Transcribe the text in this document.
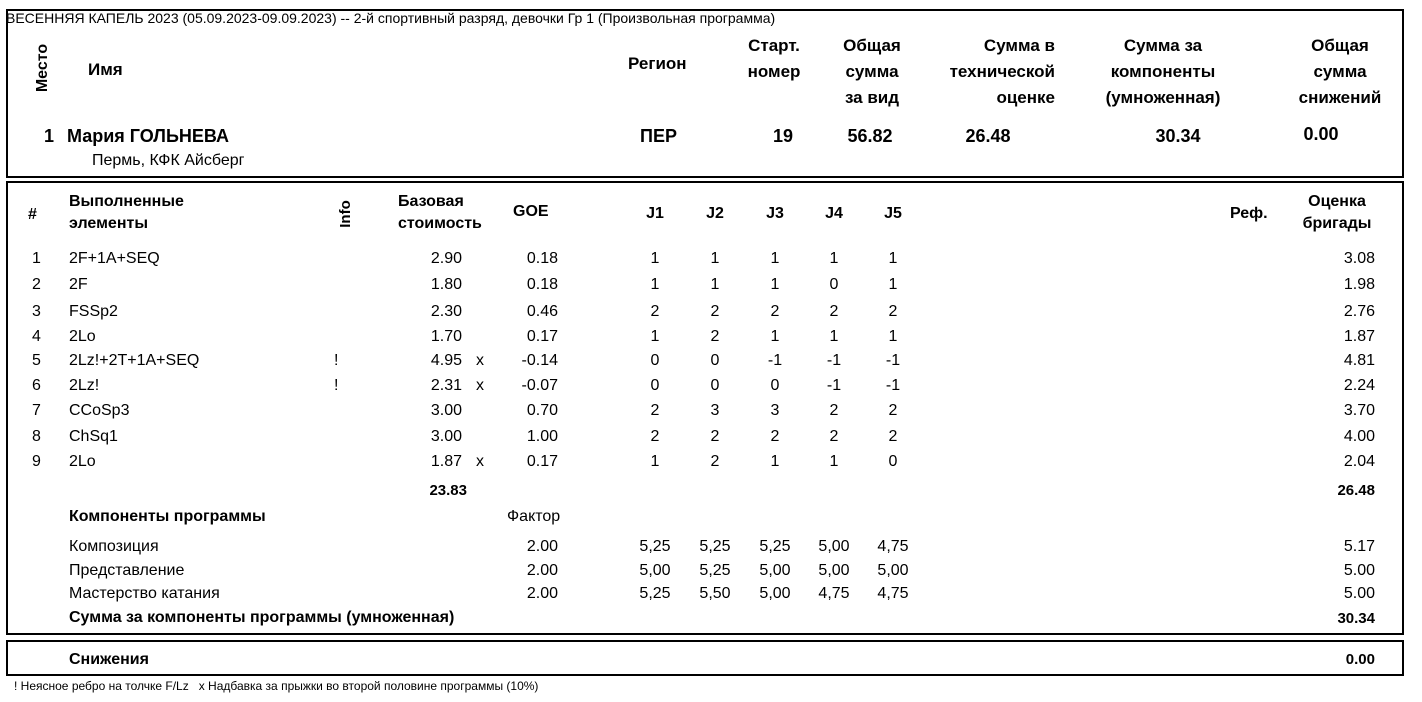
ВЕСЕННЯЯ КАПЕЛЬ 2023 (05.09.2023-09.09.2023) -- 2-й спортивный разряд, девочки Гр 1 (Произвольная программа)
Место Имя	Регион
Старт.
номер
Общая
сумма
за вид
Сумма в
технической
оценке
Сумма за
компоненты
(умноженная)
Общая
сумма
снижений
1 Мария ГОЛЬНЕВА
Пермь, КФК Айсберг
ПЕР	19	56.82	26.48	30.34	0.00
#
Выполненные
элементы	Info	Базовая
стоимость
GOE	J1	J2	J3	J4	J5	Реф.
Оценка
бригады
1 2F+1A+SEQ	2.90	0.18	1	1	1	1	1	3.08
2 2F	1.80	0.18	1	1	1	0	1	1.98
3 FSSp2	2.30	0.46	2	2	2	2	2	2.76
4 2Lo	1.70	0.17	1	2	1	1	1	1.87
5 2Lz!+2T+1A+SEQ	!	4.95 x	-0.14	0	0	-1	-1	-1	4.81
6 2Lz!	!	2.31 x	-0.07	0	0	0	-1	-1	2.24
7 CCoSp3	3.00	0.70	2	3	3	2	2	3.70
8 ChSq1	3.00	1.00	2	2	2	2	2	4.00
9 2Lo	1.87 x	0.17	1	2	1	1	0	2.04
23.83	26.48
Компоненты программы	Фактор
Композиция	2.00	5,25	5,25	5,25	5,00	4,75	5.17
Представление	2.00	5,00	5,25	5,00	5,00	5,00	5.00
Мастерство катания	2.00	5,25	5,50	5,00	4,75	4,75	5.00
Сумма за компоненты программы (умноженная)	30.34
Снижения	0.00
! Неясное ребро на толчке F/Lz   x Надбавка за прыжки во второй половине программы (10%)
